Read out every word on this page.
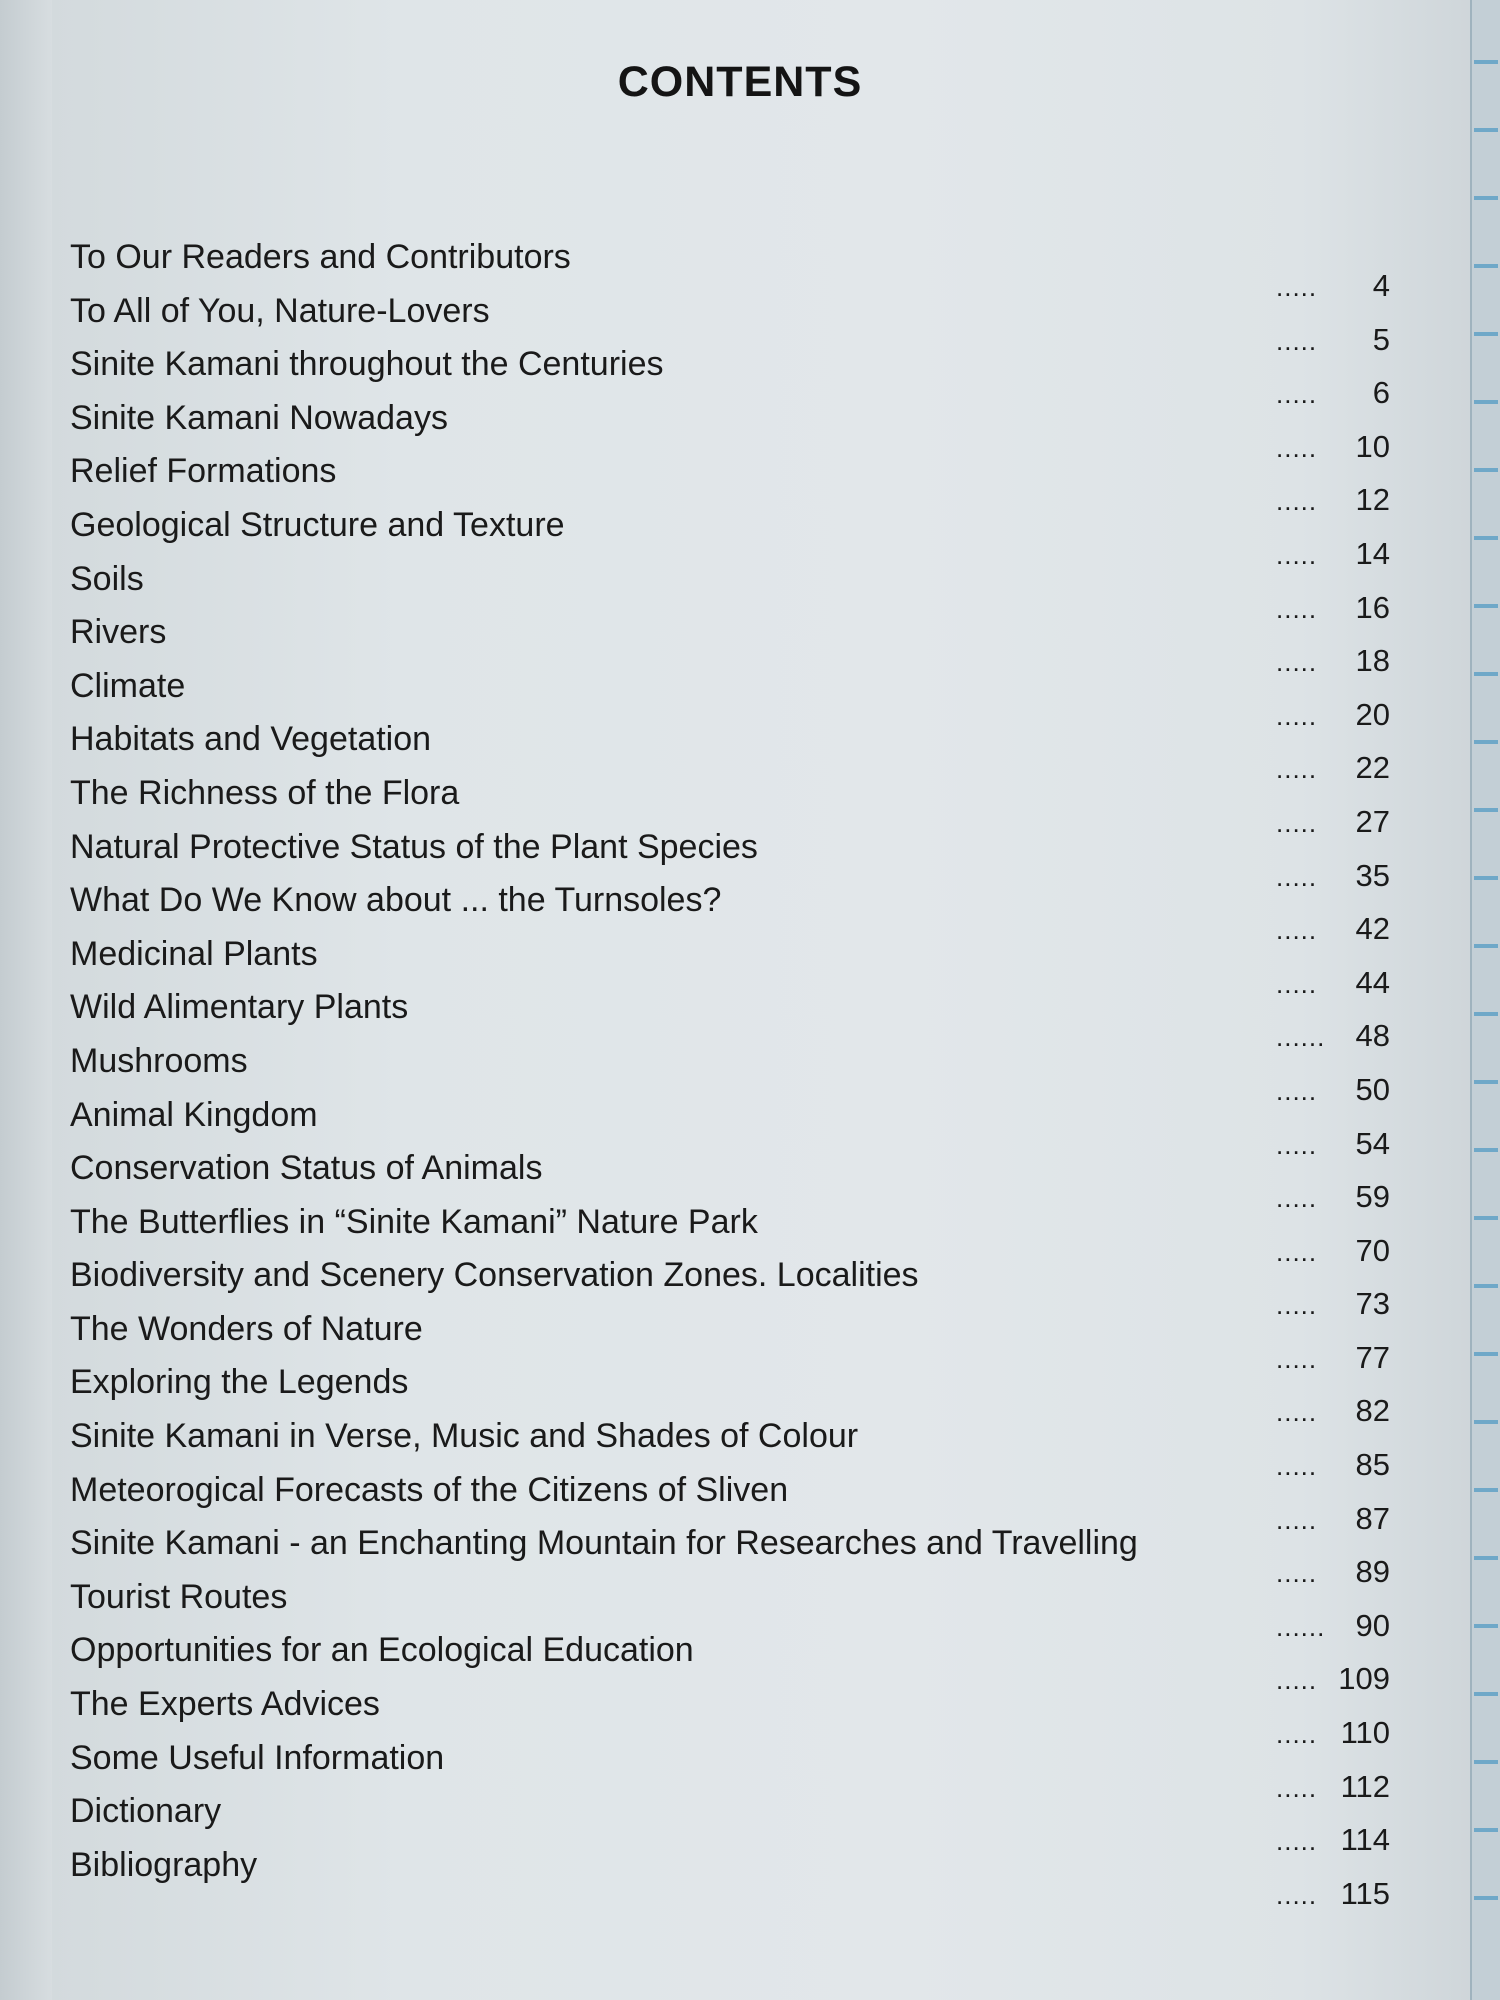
CONTENTS
To Our Readers and Contributors
.....	4
To All of You, Nature-Lovers
.....	5
Sinite Kamani throughout the Centuries
.....	6
Sinite Kamani Nowadays
.....	10
Relief Formations
.....	12
Geological Structure and Texture
.....	14
Soils
.....	16
Rivers
.....	18
Climate
.....	20
Habitats and Vegetation
.....	22
The Richness of the Flora
.....	27
Natural Protective Status of the Plant Species
.....	35
What Do We Know about ... the Turnsoles?
.....	42
Medicinal Plants
.....	44
Wild Alimentary Plants
...... 48
Mushrooms
.....	50
Animal Kingdom
.....	54
Conservation Status of Animals
.....	59
The Butterflies in “Sinite Kamani” Nature Park
.....	70
Biodiversity and Scenery Conservation Zones. Localities
.....	73
The Wonders of Nature
.....	77
Exploring the Legends
.....	82
Sinite Kamani in Verse, Music and Shades of Colour
.....	85
Meteorogical Forecasts of the Citizens of Sliven
.....	87
Sinite Kamani - an Enchanting Mountain for Researches and Travelling
.....	89
Tourist Routes
...... 90
Opportunities for an Ecological Education
..... 109
The Experts Advices
..... 110
Some Useful Information
..... 112
Dictionary
..... 114
Bibliography
..... 115
